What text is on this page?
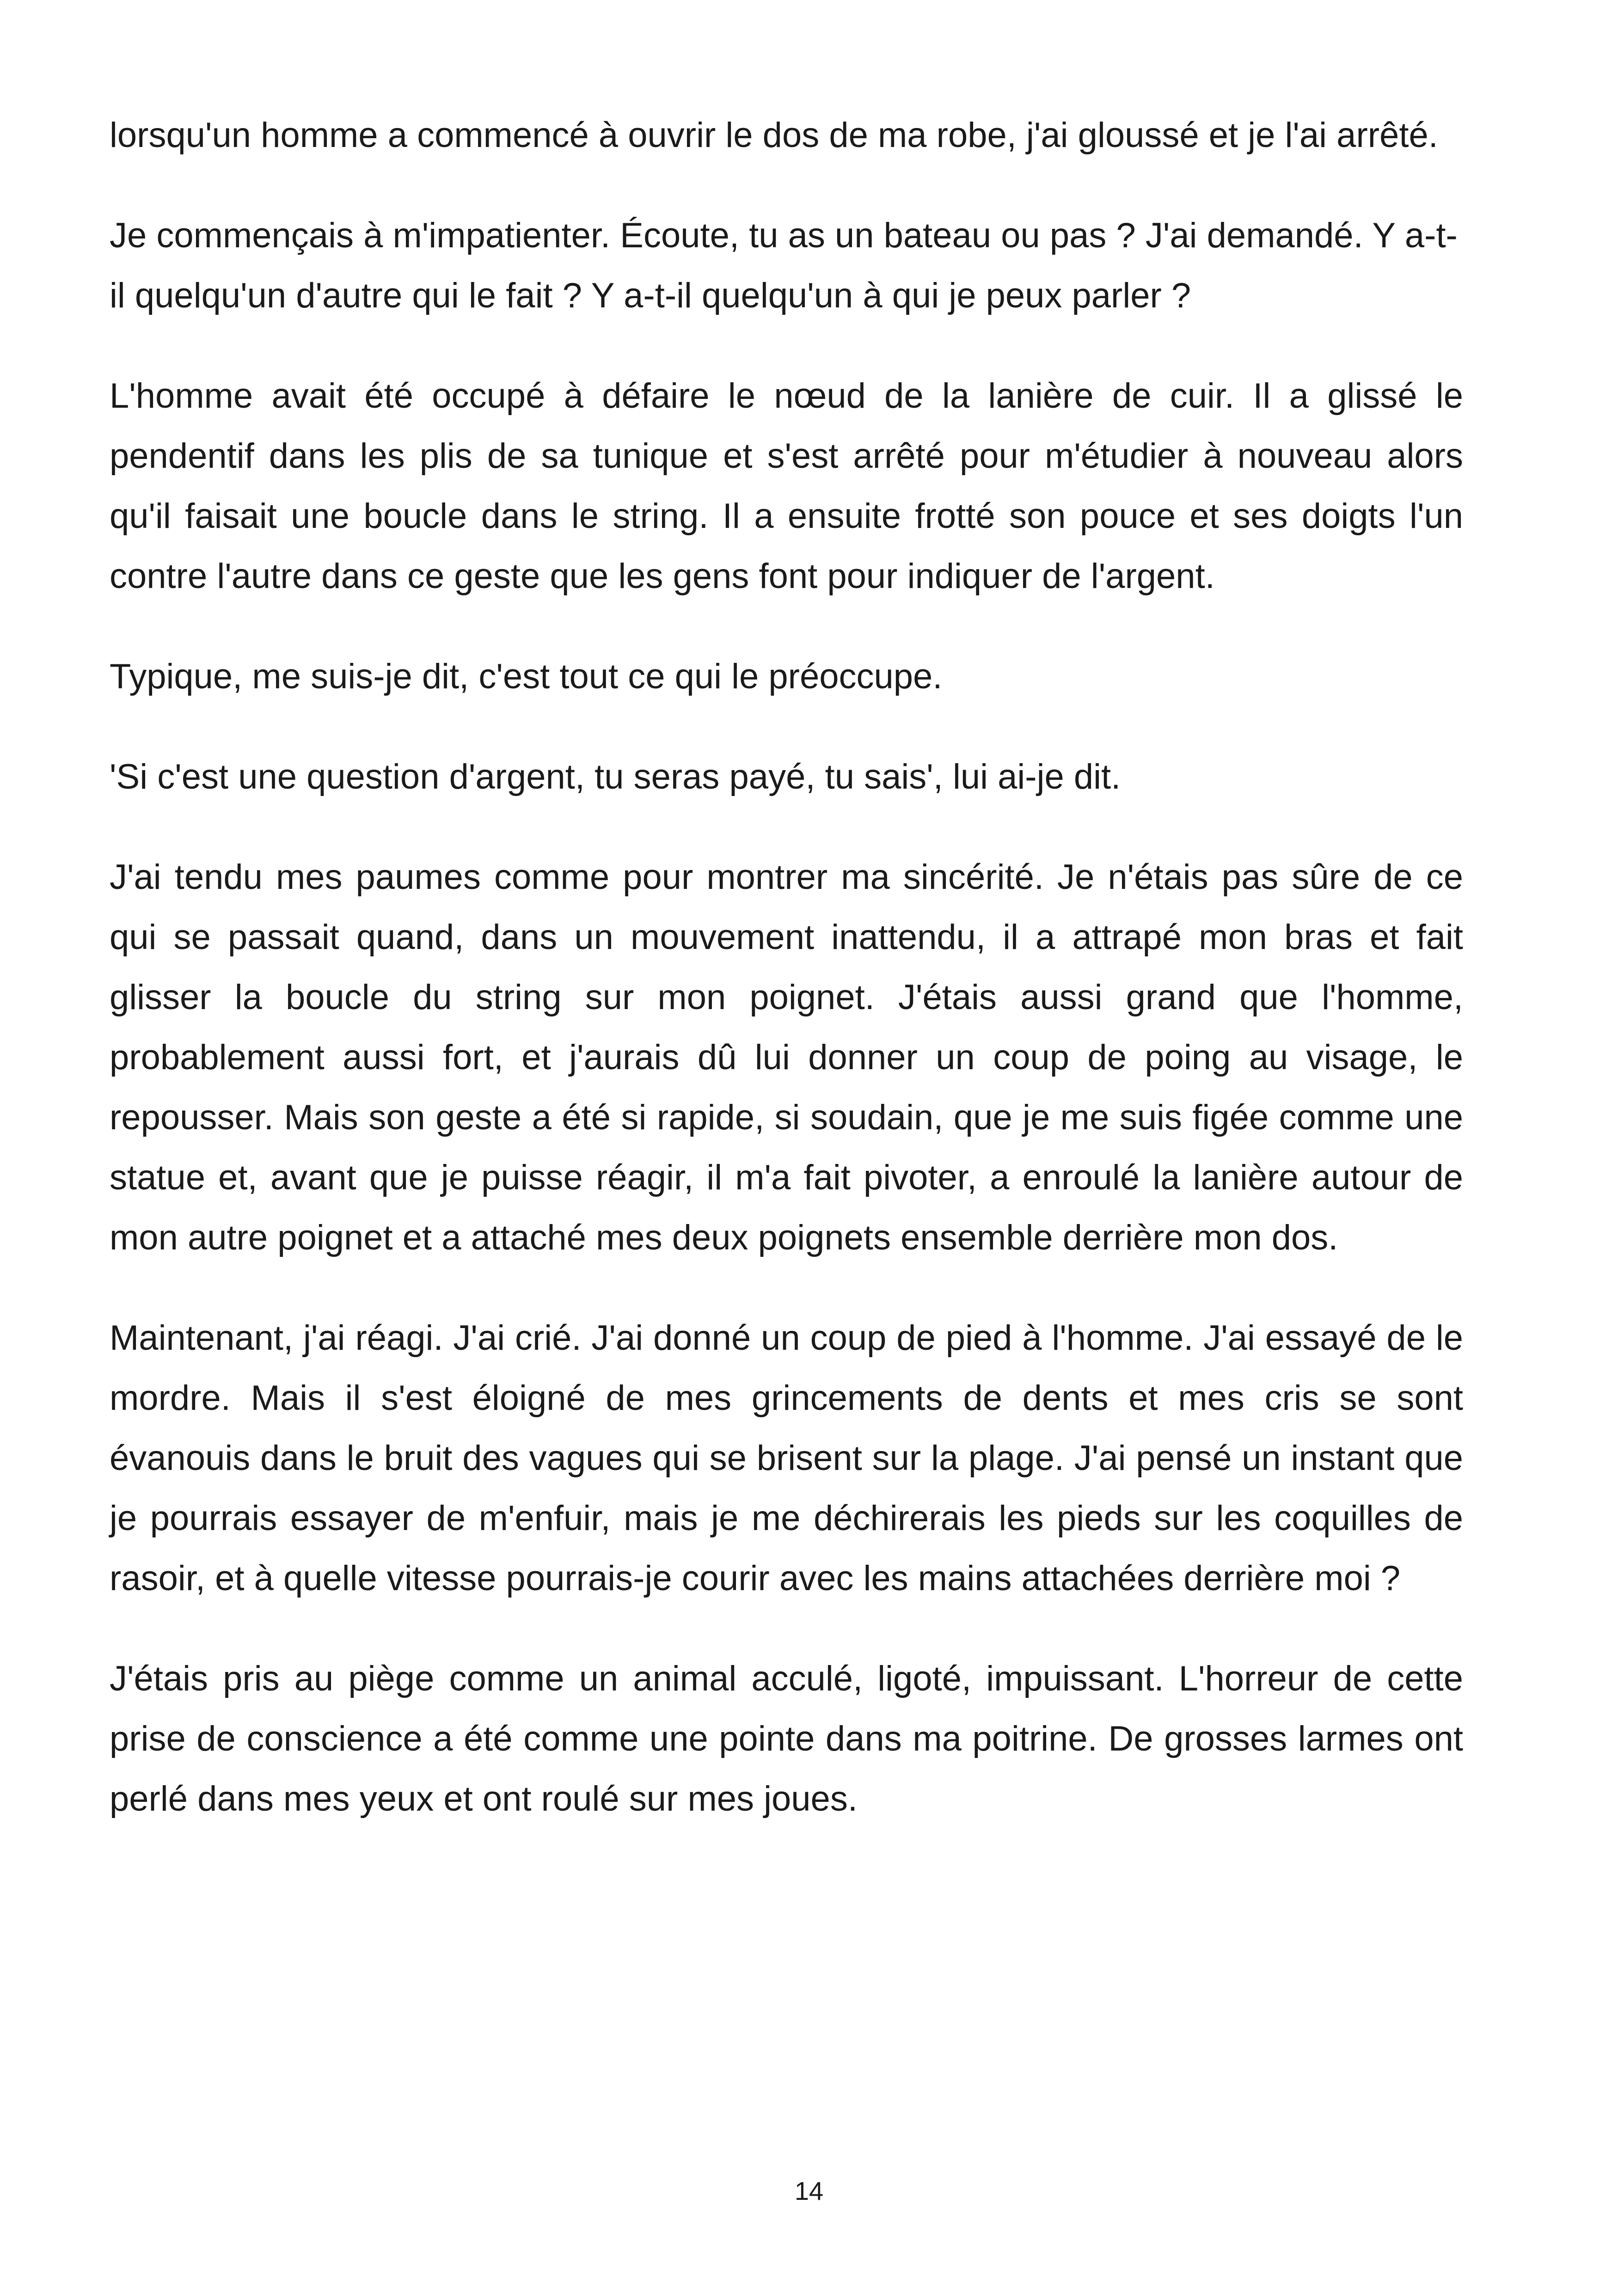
lorsqu'un homme a commencé à ouvrir le dos de ma robe, j'ai gloussé et je l'ai arrêté.

Je commençais à m'impatienter. Écoute, tu as un bateau ou pas ? J'ai demandé. Y a-t-il quelqu'un d'autre qui le fait ? Y a-t-il quelqu'un à qui je peux parler ?

L'homme avait été occupé à défaire le nœud de la lanière de cuir. Il a glissé le pendentif dans les plis de sa tunique et s'est arrêté pour m'étudier à nouveau alors qu'il faisait une boucle dans le string. Il a ensuite frotté son pouce et ses doigts l'un contre l'autre dans ce geste que les gens font pour indiquer de l'argent.

Typique, me suis-je dit, c'est tout ce qui le préoccupe.

'Si c'est une question d'argent, tu seras payé, tu sais', lui ai-je dit.

J'ai tendu mes paumes comme pour montrer ma sincérité. Je n'étais pas sûre de ce qui se passait quand, dans un mouvement inattendu, il a attrapé mon bras et fait glisser la boucle du string sur mon poignet. J'étais aussi grand que l'homme, probablement aussi fort, et j'aurais dû lui donner un coup de poing au visage, le repousser. Mais son geste a été si rapide, si soudain, que je me suis figée comme une statue et, avant que je puisse réagir, il m'a fait pivoter, a enroulé la lanière autour de mon autre poignet et a attaché mes deux poignets ensemble derrière mon dos.

Maintenant, j'ai réagi. J'ai crié. J'ai donné un coup de pied à l'homme. J'ai essayé de le mordre. Mais il s'est éloigné de mes grincements de dents et mes cris se sont évanouis dans le bruit des vagues qui se brisent sur la plage. J'ai pensé un instant que je pourrais essayer de m'enfuir, mais je me déchirerais les pieds sur les coquilles de rasoir, et à quelle vitesse pourrais-je courir avec les mains attachées derrière moi ?

J'étais pris au piège comme un animal acculé, ligoté, impuissant. L'horreur de cette prise de conscience a été comme une pointe dans ma poitrine. De grosses larmes ont perlé dans mes yeux et ont roulé sur mes joues.

14
